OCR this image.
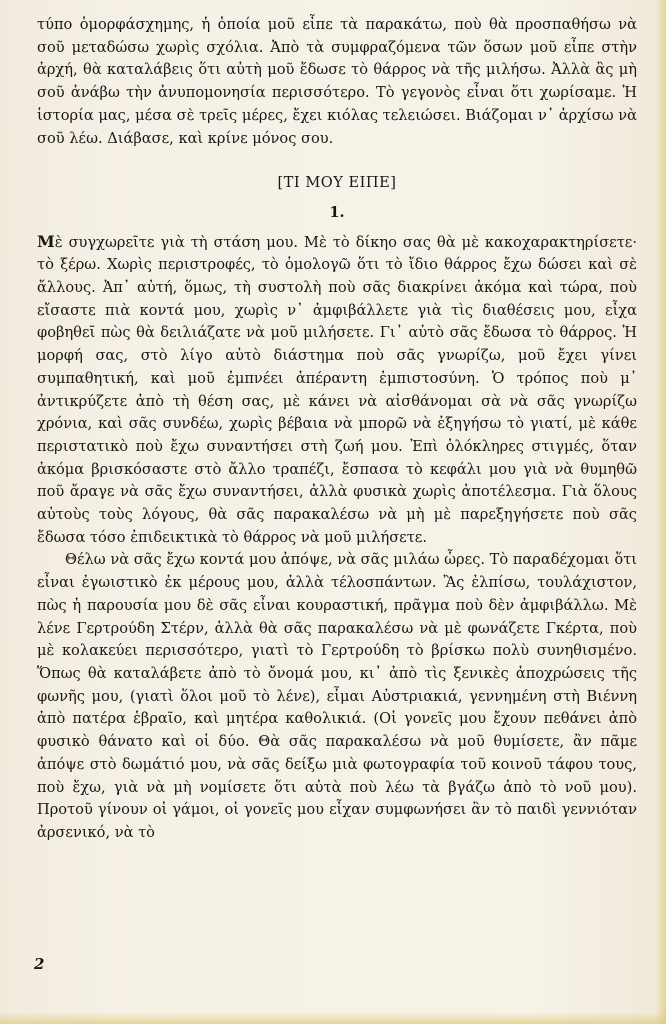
τύπο ὁμορφάσχημης, ἡ ὁποία μοῦ εἶπε τὰ παρακάτω, ποὺ θὰ προσπαθήσω νὰ σοῦ μεταδώσω χωρὶς σχόλια. Ἀπὸ τὰ συμφραζόμενα τῶν ὅσων μοῦ εἶπε στὴν ἀρχή, θὰ καταλάβεις ὅτι αὐτὴ μοῦ ἔδωσε τὸ θάρρος νὰ τῆς μιλήσω. Ἀλλὰ ἂς μὴ σοῦ ἀνάβω τὴν ἀνυπομονησία περισσότερο. Τὸ γεγονὸς εἶναι ὅτι χωρίσαμε. Ἡ ἱστορία μας, μέσα σὲ τρεῖς μέρες, ἔχει κιόλας τελειώσει. Βιάζομαι ν᾿ ἀρχίσω νὰ σοῦ λέω. Διάβασε, καὶ κρίνε μόνος σου.

[ΤΙ ΜΟΥ ΕΙΠΕ]

1.

Μὲ συγχωρεῖτε γιὰ τὴ στάση μου. Μὲ τὸ δίκηο σας θὰ μὲ κακοχαρακτηρίσετε· τὸ ξέρω. Χωρὶς περιστροφές, τὸ ὁμολογῶ ὅτι τὸ ἴδιο θάρρος ἔχω δώσει καὶ σὲ ἄλλους. Ἀπ᾿ αὐτή, ὅμως, τὴ συστολὴ ποὺ σᾶς διακρίνει ἀκόμα καὶ τώρα, ποὺ εἴσαστε πιὰ κοντά μου, χωρὶς ν᾿ ἀμφιβάλλετε γιὰ τὶς διαθέσεις μου, εἶχα φοβηθεῖ πὼς θὰ δειλιάζατε νὰ μοῦ μιλήσετε. Γι᾿ αὐτὸ σᾶς ἔδωσα τὸ θάρρος. Ἡ μορφή σας, στὸ λίγο αὐτὸ διάστημα ποὺ σᾶς γνωρίζω, μοῦ ἔχει γίνει συμπαθητική, καὶ μοῦ ἐμπνέει ἀπέραντη ἐμπιστοσύνη. Ὁ τρόπος ποὺ μ᾿ ἀντικρύζετε ἀπὸ τὴ θέση σας, μὲ κάνει νὰ αἰσθάνομαι σὰ νὰ σᾶς γνωρίζω χρόνια, καὶ σᾶς συνδέω, χωρὶς βέβαια νὰ μπορῶ νὰ ἐξηγήσω τὸ γιατί, μὲ κάθε περιστατικὸ ποὺ ἔχω συναντήσει στὴ ζωή μου. Ἐπὶ ὁλόκληρες στιγμές, ὅταν ἀκόμα βρισκόσαστε στὸ ἄλλο τραπέζι, ἔσπασα τὸ κεφάλι μου γιὰ νὰ θυμηθῶ ποῦ ἄραγε νὰ σᾶς ἔχω συναντήσει, ἀλλὰ φυσικὰ χωρὶς ἀποτέλεσμα. Γιὰ ὅλους αὐτοὺς τοὺς λόγους, θὰ σᾶς παρακαλέσω νὰ μὴ μὲ παρεξηγήσετε ποὺ σᾶς ἔδωσα τόσο ἐπιδεικτικὰ τὸ θάρρος νὰ μοῦ μιλήσετε.

Θέλω νὰ σᾶς ἔχω κοντά μου ἀπόψε, νὰ σᾶς μιλάω ὧρες. Τὸ παραδέχομαι ὅτι εἶναι ἐγωιστικὸ ἐκ μέρους μου, ἀλλὰ τέλοσπάντων. Ἂς ἐλπίσω, τουλάχιστον, πὼς ἡ παρουσία μου δὲ σᾶς εἶναι κουραστική, πρᾶγμα ποὺ δὲν ἀμφιβάλλω. Μὲ λένε Γερτρούδη Στέρν, ἀλλὰ θὰ σᾶς παρακαλέσω νὰ μὲ φωνάζετε Γκέρτα, ποὺ μὲ κολακεύει περισσότερο, γιατὶ τὸ Γερτρούδη τὸ βρίσκω πολὺ συνηθισμένο. Ὅπως θὰ καταλάβετε ἀπὸ τὸ ὄνομά μου, κι᾿ ἀπὸ τὶς ξενικὲς ἀποχρώσεις τῆς φωνῆς μου, (γιατὶ ὅλοι μοῦ τὸ λένε), εἶμαι Αὐστριακιά, γεννημένη στὴ Βιέννη ἀπὸ πατέρα ἑβραῖο, καὶ μητέρα καθολικιά. (Οἱ γονεῖς μου ἔχουν πεθάνει ἀπὸ φυσικὸ θάνατο καὶ οἱ δύο. Θὰ σᾶς παρακαλέσω νὰ μοῦ θυμίσετε, ἂν πᾶμε ἀπόψε στὸ δωμάτιό μου, νὰ σᾶς δείξω μιὰ φωτογραφία τοῦ κοινοῦ τάφου τους, ποὺ ἔχω, γιὰ νὰ μὴ νομίσετε ὅτι αὐτὰ ποὺ λέω τὰ βγάζω ἀπὸ τὸ νοῦ μου). Προτοῦ γίνουν οἱ γάμοι, οἱ γονεῖς μου εἶχαν συμφωνήσει ἂν τὸ παιδὶ γεννιόταν ἀρσενικό, νὰ τὸ

2
